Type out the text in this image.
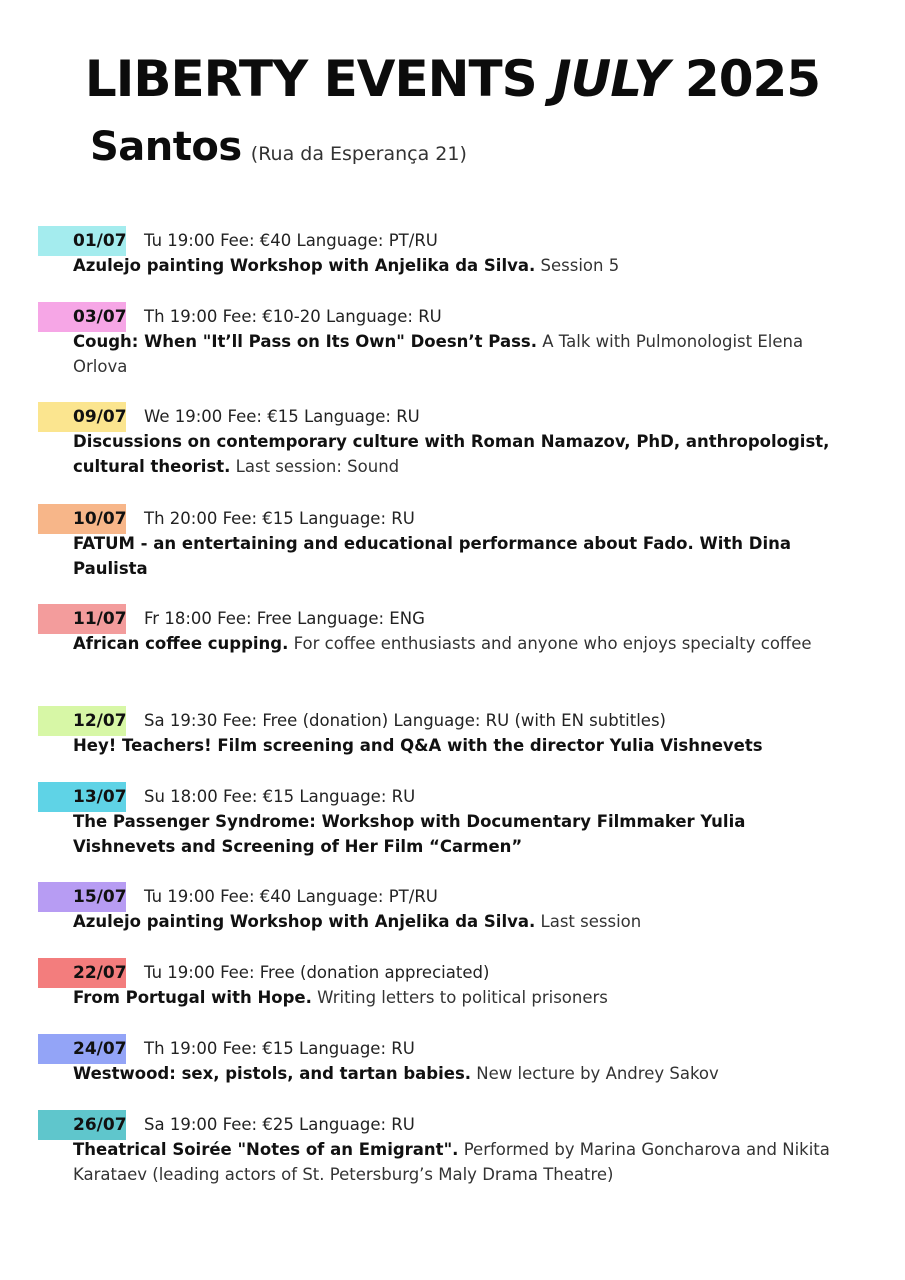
LIBERTY EVENTS JULY 2025
Santos (Rua da Esperança 21)
01/07 Tu 19:00 Fee: €40 Language: PT/RU
Azulejo painting Workshop with Anjelika da Silva. Session 5
03/07 Th 19:00 Fee: €10-20 Language: RU
Cough: When "It’ll Pass on Its Own" Doesn’t Pass. A Talk with Pulmonologist Elena Orlova
09/07 We 19:00 Fee: €15 Language: RU
Discussions on contemporary culture with Roman Namazov, PhD, anthropologist, cultural theorist. Last session: Sound
10/07 Th 20:00 Fee: €15 Language: RU
FATUM - an entertaining and educational performance about Fado. With Dina Paulista
11/07 Fr 18:00 Fee: Free Language: ENG
African coffee cupping. For coffee enthusiasts and anyone who enjoys specialty coffee
12/07 Sa 19:30 Fee: Free (donation) Language: RU (with EN subtitles)
Hey! Teachers! Film screening and Q&A with the director Yulia Vishnevets
13/07 Su 18:00 Fee: €15 Language: RU
The Passenger Syndrome: Workshop with Documentary Filmmaker Yulia Vishnevets and Screening of Her Film “Carmen”
15/07 Tu 19:00 Fee: €40 Language: PT/RU
Azulejo painting Workshop with Anjelika da Silva. Last session
22/07 Tu 19:00 Fee: Free (donation appreciated)
From Portugal with Hope. Writing letters to political prisoners
24/07 Th 19:00 Fee: €15 Language: RU
Westwood: sex, pistols, and tartan babies. New lecture by Andrey Sakov
26/07 Sa 19:00 Fee: €25 Language: RU
Theatrical Soirée "Notes of an Emigrant". Performed by Marina Goncharova and Nikita Karataev (leading actors of St. Petersburg’s Maly Drama Theatre)
